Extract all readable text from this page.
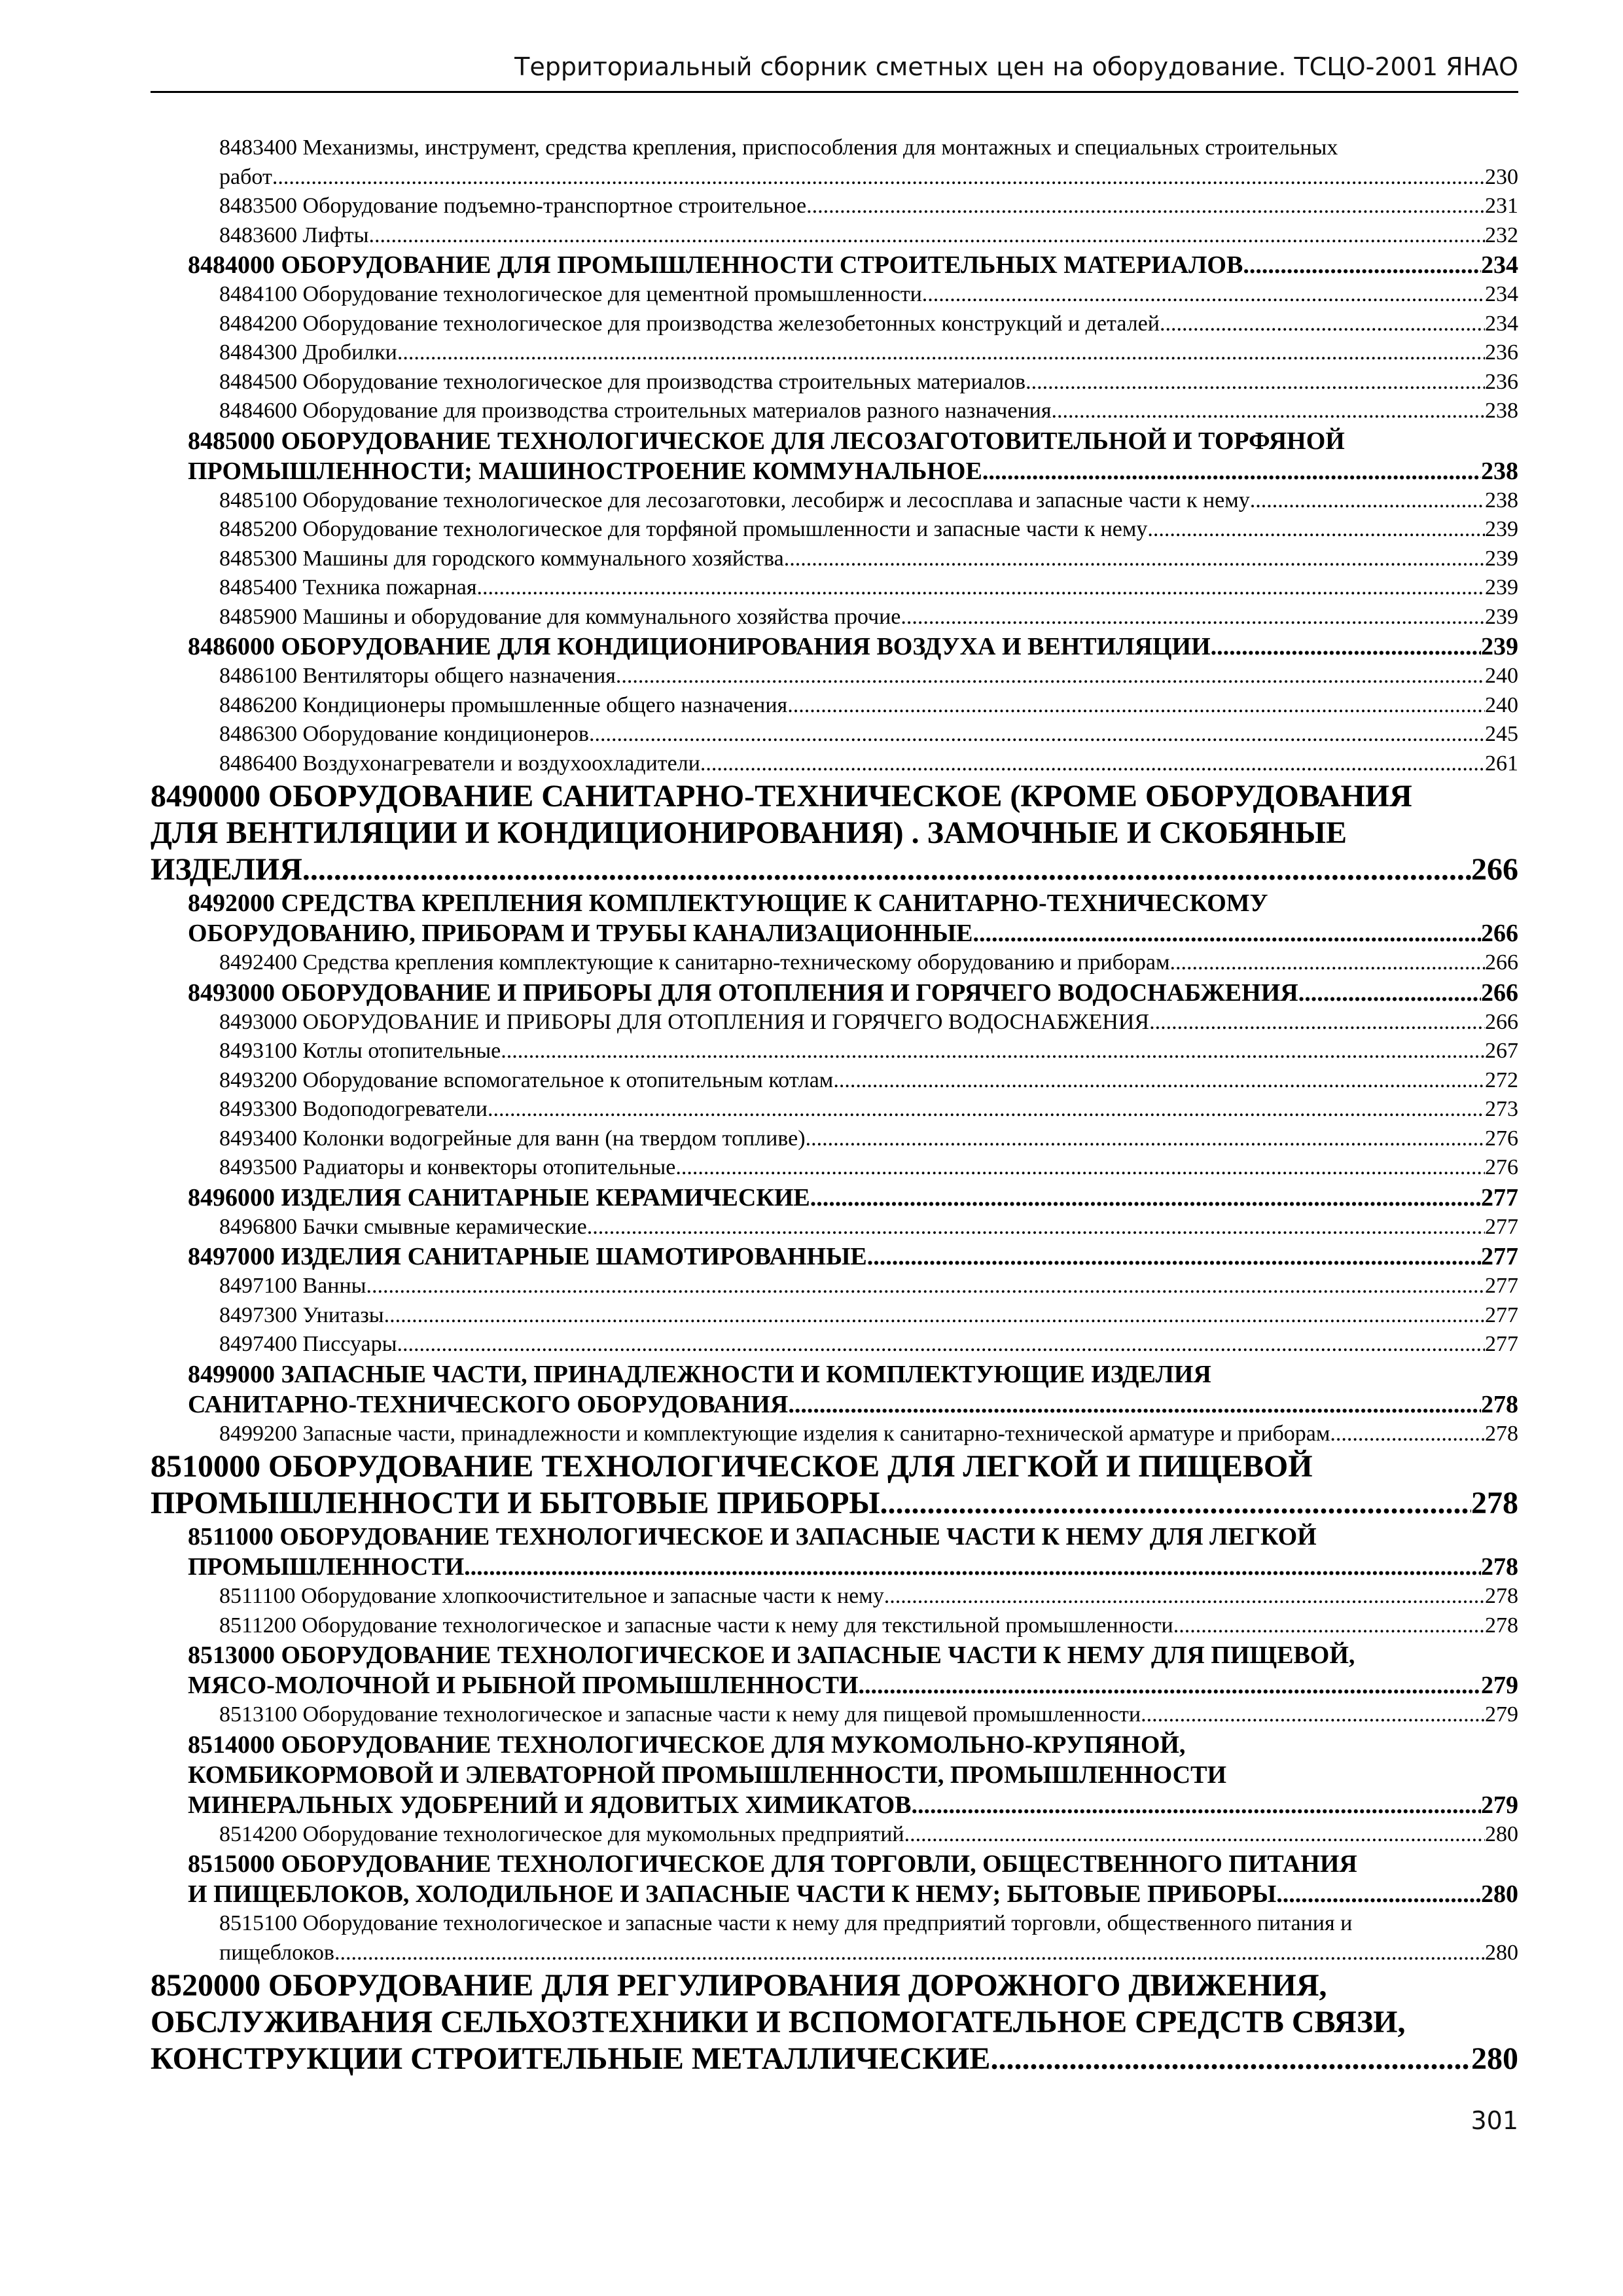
Территориальный сборник сметных цен на оборудование. ТСЦО-2001 ЯНАО
8483400 Механизмы, инструмент, средства крепления, приспособления для монтажных и специальных строительных
работ .....	230
8483500 Оборудование подъемно-транспортное строительное .....	231
8483600 Лифты .....	232
8484000 ОБОРУДОВАНИЕ ДЛЯ ПРОМЫШЛЕННОСТИ СТРОИТЕЛЬНЫХ МАТЕРИАЛОВ .....	234
8484100 Оборудование технологическое для цементной промышленности .....	234
8484200 Оборудование технологическое для производства железобетонных конструкций и деталей .....	234
8484300 Дробилки .....	236
8484500 Оборудование технологическое для производства строительных материалов .....	236
8484600 Оборудование для производства строительных материалов разного назначения .....	238
8485000 ОБОРУДОВАНИЕ ТЕХНОЛОГИЧЕСКОЕ ДЛЯ ЛЕСОЗАГОТОВИТЕЛЬНОЙ И ТОРФЯНОЙ
ПРОМЫШЛЕННОСТИ; МАШИНОСТРОЕНИЕ КОММУНАЛЬНОЕ .....	238
8485100 Оборудование технологическое для лесозаготовки, лесобирж и лесосплава и запасные части к нему .....	238
8485200 Оборудование технологическое для торфяной промышленности и запасные части к нему .....	239
8485300 Машины для городского коммунального хозяйства .....	239
8485400 Техника пожарная .....	239
8485900 Машины и оборудование для коммунального хозяйства прочие .....	239
8486000 ОБОРУДОВАНИЕ ДЛЯ КОНДИЦИОНИРОВАНИЯ ВОЗДУХА И ВЕНТИЛЯЦИИ .....	239
8486100 Вентиляторы общего назначения .....	240
8486200 Кондиционеры промышленные общего назначения .....	240
8486300 Оборудование кондиционеров .....	245
8486400 Воздухонагреватели и воздухоохладители .....	261
8490000 ОБОРУДОВАНИЕ САНИТАРНО-ТЕХНИЧЕСКОЕ (КРОМЕ ОБОРУДОВАНИЯ
ДЛЯ ВЕНТИЛЯЦИИ И КОНДИЦИОНИРОВАНИЯ) . ЗАМОЧНЫЕ И СКОБЯНЫЕ
ИЗДЕЛИЯ .....	266
8492000 СРЕДСТВА КРЕПЛЕНИЯ КОМПЛЕКТУЮЩИЕ К САНИТАРНО-ТЕХНИЧЕСКОМУ
ОБОРУДОВАНИЮ, ПРИБОРАМ И ТРУБЫ КАНАЛИЗАЦИОННЫЕ .....	266
8492400 Средства крепления комплектующие к санитарно-техническому оборудованию и приборам .....	266
8493000 ОБОРУДОВАНИЕ И ПРИБОРЫ ДЛЯ ОТОПЛЕНИЯ И ГОРЯЧЕГО ВОДОСНАБЖЕНИЯ .....	266
8493000 ОБОРУДОВАНИЕ И ПРИБОРЫ ДЛЯ ОТОПЛЕНИЯ И ГОРЯЧЕГО ВОДОСНАБЖЕНИЯ .....	266
8493100 Котлы отопительные .....	267
8493200 Оборудование вспомогательное к отопительным котлам .....	272
8493300 Водоподогреватели .....	273
8493400 Колонки водогрейные для ванн (на твердом топливе) .....	276
8493500 Радиаторы и конвекторы отопительные .....	276
8496000 ИЗДЕЛИЯ САНИТАРНЫЕ КЕРАМИЧЕСКИЕ .....	277
8496800 Бачки смывные керамические .....	277
8497000 ИЗДЕЛИЯ САНИТАРНЫЕ ШАМОТИРОВАННЫЕ .....	277
8497100 Ванны .....	277
8497300 Унитазы .....	277
8497400 Писсуары .....	277
8499000 ЗАПАСНЫЕ ЧАСТИ, ПРИНАДЛЕЖНОСТИ И КОМПЛЕКТУЮЩИЕ ИЗДЕЛИЯ
САНИТАРНО-ТЕХНИЧЕСКОГО ОБОРУДОВАНИЯ .....	278
8499200 Запасные части, принадлежности и комплектующие изделия к санитарно-технической арматуре и приборам .....	278
8510000 ОБОРУДОВАНИЕ ТЕХНОЛОГИЧЕСКОЕ ДЛЯ ЛЕГКОЙ И ПИЩЕВОЙ
ПРОМЫШЛЕННОСТИ И БЫТОВЫЕ ПРИБОРЫ .....	278
8511000 ОБОРУДОВАНИЕ ТЕХНОЛОГИЧЕСКОЕ И ЗАПАСНЫЕ ЧАСТИ К НЕМУ ДЛЯ ЛЕГКОЙ
ПРОМЫШЛЕННОСТИ .....	278
8511100 Оборудование хлопкоочистительное и запасные части к нему .....	278
8511200 Оборудование технологическое и запасные части к нему для текстильной промышленности .....	278
8513000 ОБОРУДОВАНИЕ ТЕХНОЛОГИЧЕСКОЕ И ЗАПАСНЫЕ ЧАСТИ К НЕМУ ДЛЯ ПИЩЕВОЙ,
МЯСО-МОЛОЧНОЙ И РЫБНОЙ ПРОМЫШЛЕННОСТИ .....	279
8513100 Оборудование технологическое и запасные части к нему для пищевой промышленности .....	279
8514000 ОБОРУДОВАНИЕ ТЕХНОЛОГИЧЕСКОЕ ДЛЯ МУКОМОЛЬНО-КРУПЯНОЙ,
КОМБИКОРМОВОЙ И ЭЛЕВАТОРНОЙ ПРОМЫШЛЕННОСТИ, ПРОМЫШЛЕННОСТИ
МИНЕРАЛЬНЫХ УДОБРЕНИЙ И ЯДОВИТЫХ ХИМИКАТОВ .....	279
8514200 Оборудование технологическое для мукомольных предприятий .....	280
8515000 ОБОРУДОВАНИЕ ТЕХНОЛОГИЧЕСКОЕ ДЛЯ ТОРГОВЛИ, ОБЩЕСТВЕННОГО ПИТАНИЯ
И ПИЩЕБЛОКОВ, ХОЛОДИЛЬНОЕ И ЗАПАСНЫЕ ЧАСТИ К НЕМУ; БЫТОВЫЕ ПРИБОРЫ .....	280
8515100 Оборудование технологическое и запасные части к нему для предприятий торговли, общественного питания и
пищеблоков .....	280
8520000 ОБОРУДОВАНИЕ ДЛЯ РЕГУЛИРОВАНИЯ ДОРОЖНОГО ДВИЖЕНИЯ,
ОБСЛУЖИВАНИЯ СЕЛЬХОЗТЕХНИКИ И ВСПОМОГАТЕЛЬНОЕ СРЕДСТВ СВЯЗИ,
КОНСТРУКЦИИ СТРОИТЕЛЬНЫЕ МЕТАЛЛИЧЕСКИЕ .....	280
301
